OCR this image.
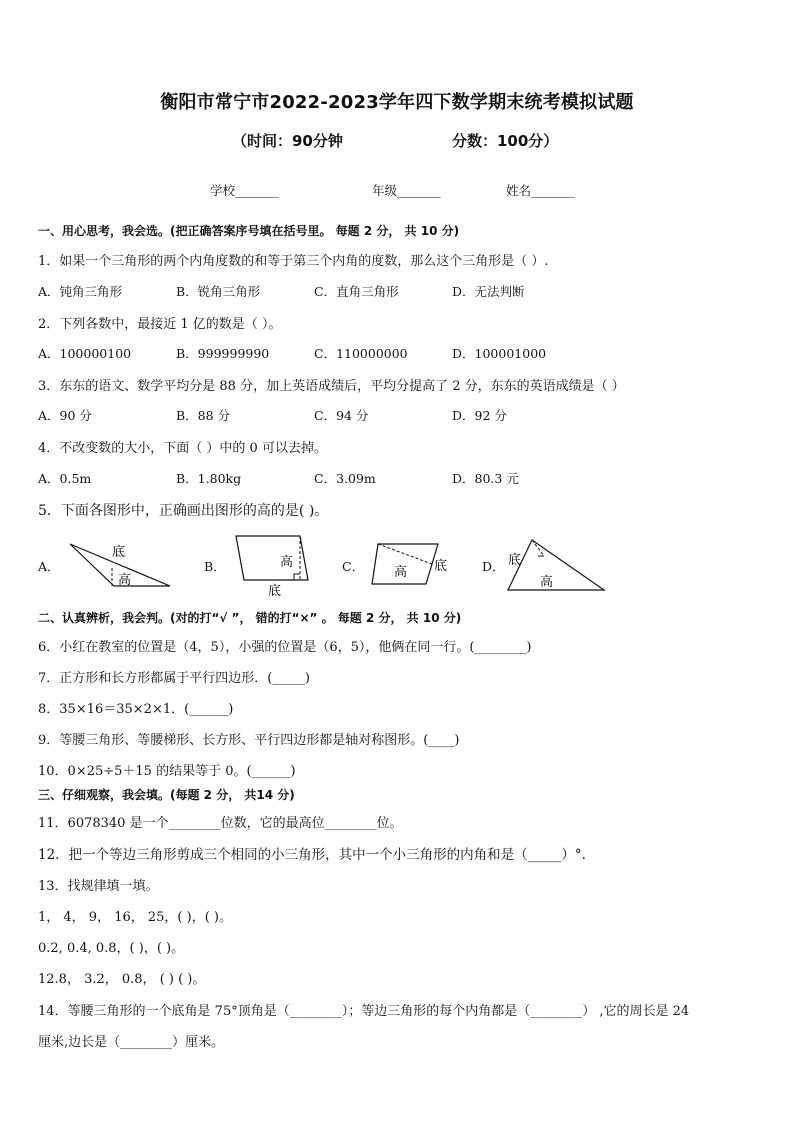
衡阳市常宁市2022-2023学年四下数学期末统考模拟试题
（时间：90分钟	分数：100分）
学校_______	年级_______	姓名_______
一、用心思考，我会选。(把正确答案序号填在括号里。 每题 2 分， 共 10 分)
1．如果一个三角形的两个内角度数的和等于第三个内角的度数，那么这个三角形是（ ）.
A．钝角三角形	B．锐角三角形	C．直角三角形	D．无法判断
2．下列各数中，最接近 1 亿的数是（ ）。
A．100000100	B．999999990	C．110000000	D．100001000
3．东东的语文、数学平均分是 88 分，加上英语成绩后，平均分提高了 2 分，东东的英语成绩是（ ）
A．90 分	B．88 分	C．94 分	D．92 分
4．不改变数的大小，下面（ ）中的 0 可以去掉。
A．0.5m	B．1.80kg	C．3.09m	D．80.3 元
5．下面各图形中，正确画出图形的高的是( )。
A．
底
高
B．	高
底
C． 高 底	D． 底
高
二、认真辨析，我会判。(对的打“√ ”， 错的打“×” 。 每题 2 分， 共 10 分)
6．小红在教室的位置是（4，5），小强的位置是（6，5），他俩在同一行。(________)
7．正方形和长方形都属于平行四边形．(_____)
8．35×16＝35×2×1．(______)
9．等腰三角形、等腰梯形、长方形、平行四边形都是轴对称图形。(____)
10．0×25÷5＋15 的结果等于 0。(______)
三、仔细观察，我会填。(每题 2 分， 共14 分)
11．6078340 是一个________位数，它的最高位________位。
12．把一个等边三角形剪成三个相同的小三角形，其中一个小三角形的内角和是（_____）°.
13．找规律填一填。
1， 4， 9， 16， 25，( )，( )。
0.2, 0.4, 0.8，( )，( )。
12.8， 3.2， 0.8， ( ) ( )。
14．等腰三角形的一个底角是 75°顶角是（________）；等边三角形的每个内角都是（________） ,它的周长是 24
厘米,边长是（________）厘米。
